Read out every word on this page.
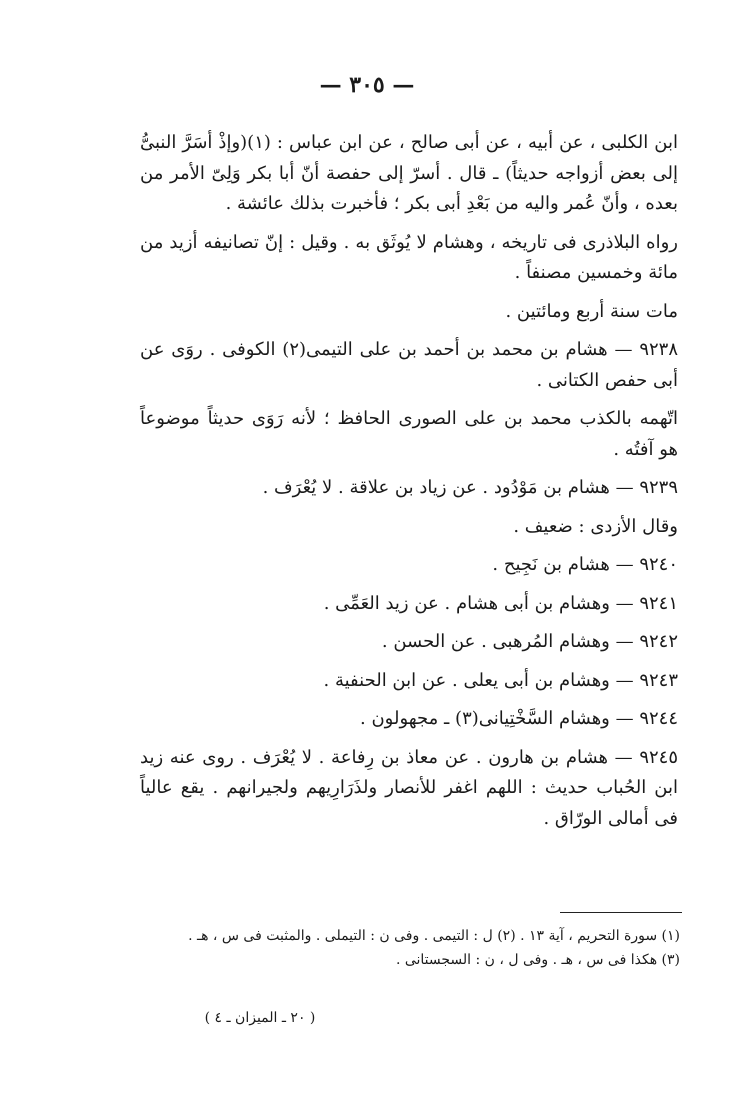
— ٣٠٥ —

ابن الكلبى ، عن أبيه ، عن أبى صالح ، عن ابن عباس : (١)(وإذْ أسَرَّ النبىُّ إلى بعض أزواجه حديثاً) ـ قال . أسرّ إلى حفصة أنّ أبا بكر وَلِىّ الأمر من بعده ، وأنّ عُمر واليه من بَعْدِ أبى بكر ؛ فأخبرت بذلك عائشة .

رواه البلاذرى فى تاريخه ، وهشام لا يُوثَق به . وقيل : إنّ تصانيفه أزيد من مائة وخمسين مصنفاً .

مات سنة أربع ومائتين .

٩٢٣٨ — هشام بن محمد بن أحمد بن على التيمى(٢) الكوفى . روَى عن أبى حفص الكتانى .

اتّهمه بالكذب محمد بن على الصورى الحافظ ؛ لأنه رَوَى حديثاً موضوعاً هو آفتُه .

٩٢٣٩ — هشام بن مَوْدُود . عن زياد بن علاقة . لا يُعْرَف .

وقال الأزدى : ضعيف .

٩٢٤٠ — هشام بن نَجِيح .

٩٢٤١ — وهشام بن أبى هشام . عن زيد العَمِّى .

٩٢٤٢ — وهشام المُرهبى . عن الحسن .

٩٢٤٣ — وهشام بن أبى يعلى . عن ابن الحنفية .

٩٢٤٤ — وهشام السَّخْتِيانى(٣) ـ مجهولون .

٩٢٤٥ — هشام بن هارون . عن معاذ بن رِفاعة . لا يُعْرَف . روى عنه زيد ابن الحُباب حديث : اللهم اغفر للأنصار ولذَرَارِيهم ولجيرانهم . يقع عالياً فى أمالى الورّاق .

(١) سورة التحريم ، آية ١٣ . (٢) ل : التيمى . وفى ن : التيملى . والمثبت فى س ، هـ .
(٣) هكذا فى س ، هـ . وفى ل ، ن : السجستانى .
( ٢٠ ـ الميزان ـ ٤ )
